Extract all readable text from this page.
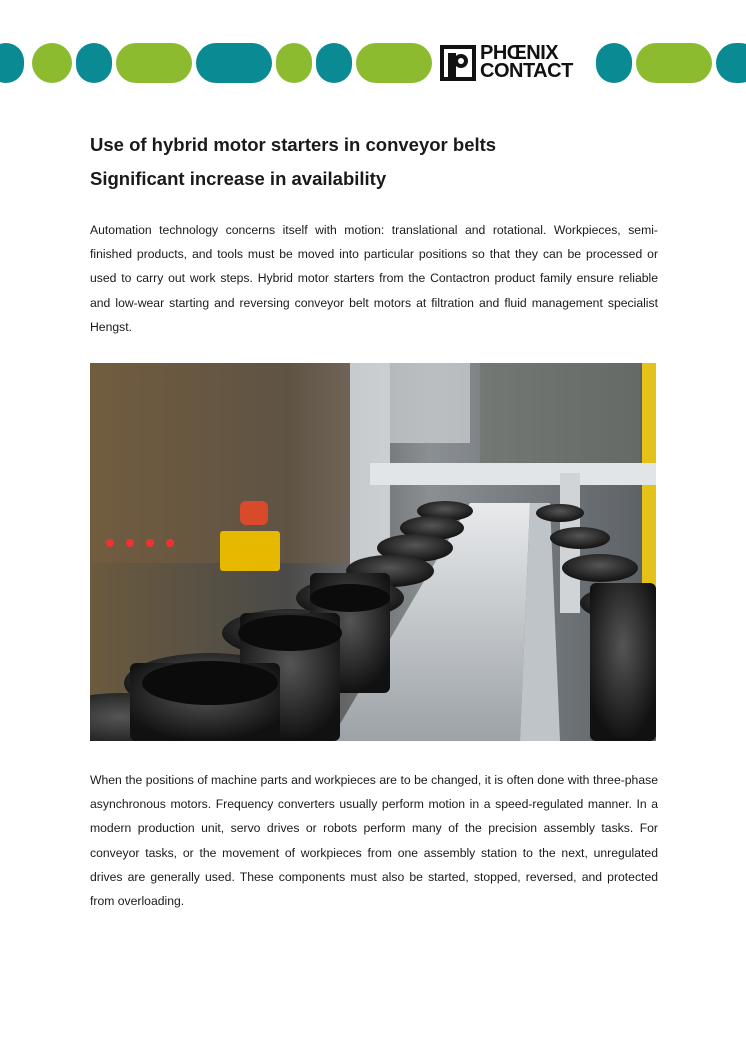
PHŒNIX
CONTACT
Use of hybrid motor starters in conveyor belts
Significant increase in availability

Automation technology concerns itself with motion: translational and rotational. Workpieces, semi-finished products, and tools must be moved into particular positions so that they can be processed or used to carry out work steps. Hybrid motor starters from the Contactron product family ensure reliable and low-wear starting and reversing conveyor belt motors at filtration and fluid management specialist Hengst.

When the positions of machine parts and workpieces are to be changed, it is often done with three-phase asynchronous motors. Frequency converters usually perform motion in a speed-regulated manner. In a modern production unit, servo drives or robots perform many of the precision assembly tasks. For conveyor tasks, or the movement of workpieces from one assembly station to the next, unregulated drives are generally used. These components must also be started, stopped, reversed, and protected from overloading.
